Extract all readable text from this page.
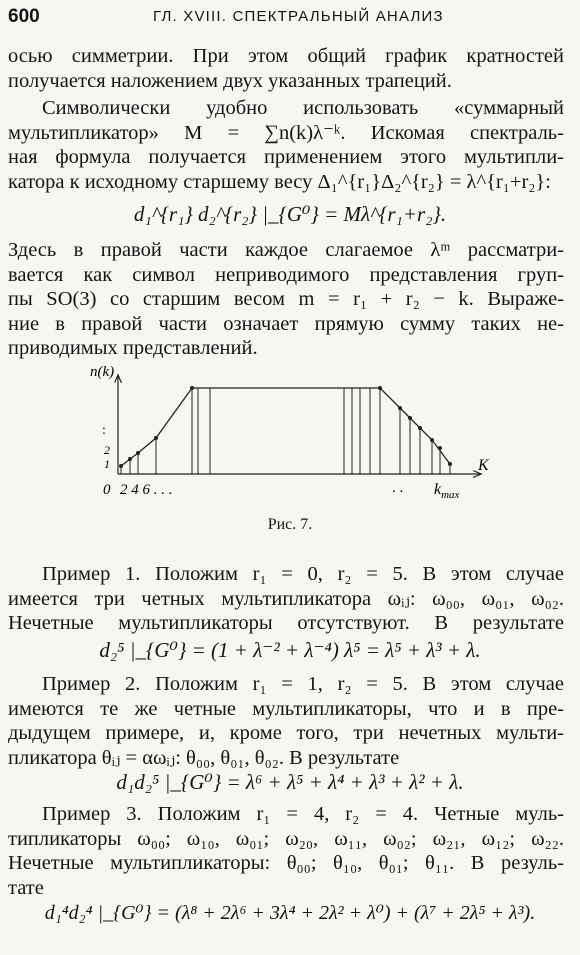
600	ГЛ. XVIII. СПЕКТРАЛЬНЫЙ АНАЛИЗ
осью симметрии. При этом общий график кратностей
получается наложением двух указанных трапеций.
Символически удобно использовать «суммарный
мультипликатор» M = ∑n(k)λ⁻ᵏ. Искомая спектраль-
ная формула получается применением этого мультипли-
катора к исходному старшему весу Δ₁^{r₁}Δ₂^{r₂} = λ^{r₁+r₂}:
d₁^{r₁} d₂^{r₂} |_{G⁰} = Mλ^{r₁+r₂}.
Здесь в правой части каждое слагаемое λᵐ рассматри-
вается как символ неприводимого представления груп-
пы SO(3) со старшим весом m = r₁ + r₂ − k. Выраже-
ние в правой части означает прямую сумму таких не-
приводимых представлений.
n(k)
:
2
1
0 2 4 6 . . .	. . $k_{max}$
K
Рис. 7.
Пример 1. Положим r₁ = 0, r₂ = 5. В этом случае
имеется три четных мультипликатора ωᵢⱼ: ω₀₀, ω₀₁, ω₀₂.
Нечетные мультипликаторы отсутствуют. В результате
d₂⁵ |_{G⁰} = (1 + λ⁻² + λ⁻⁴) λ⁵ = λ⁵ + λ³ + λ.
Пример 2. Положим r₁ = 1, r₂ = 5. В этом случае
имеются те же четные мультипликаторы, что и в пре-
дыдущем примере, и, кроме того, три нечетных мульти-
пликатора θᵢⱼ = αωᵢⱼ: θ₀₀, θ₀₁, θ₀₂. В результате
d₁d₂⁵ |_{G⁰} = λ⁶ + λ⁵ + λ⁴ + λ³ + λ² + λ.
Пример 3. Положим r₁ = 4, r₂ = 4. Четные муль-
типликаторы ω₀₀; ω₁₀, ω₀₁; ω₂₀, ω₁₁, ω₀₂; ω₂₁, ω₁₂; ω₂₂.
Нечетные мультипликаторы: θ₀₀; θ₁₀, θ₀₁; θ₁₁. В резуль-
тате
d₁⁴d₂⁴ |_{G⁰} = (λ⁸ + 2λ⁶ + 3λ⁴ + 2λ² + λ⁰) + (λ⁷ + 2λ⁵ + λ³).
